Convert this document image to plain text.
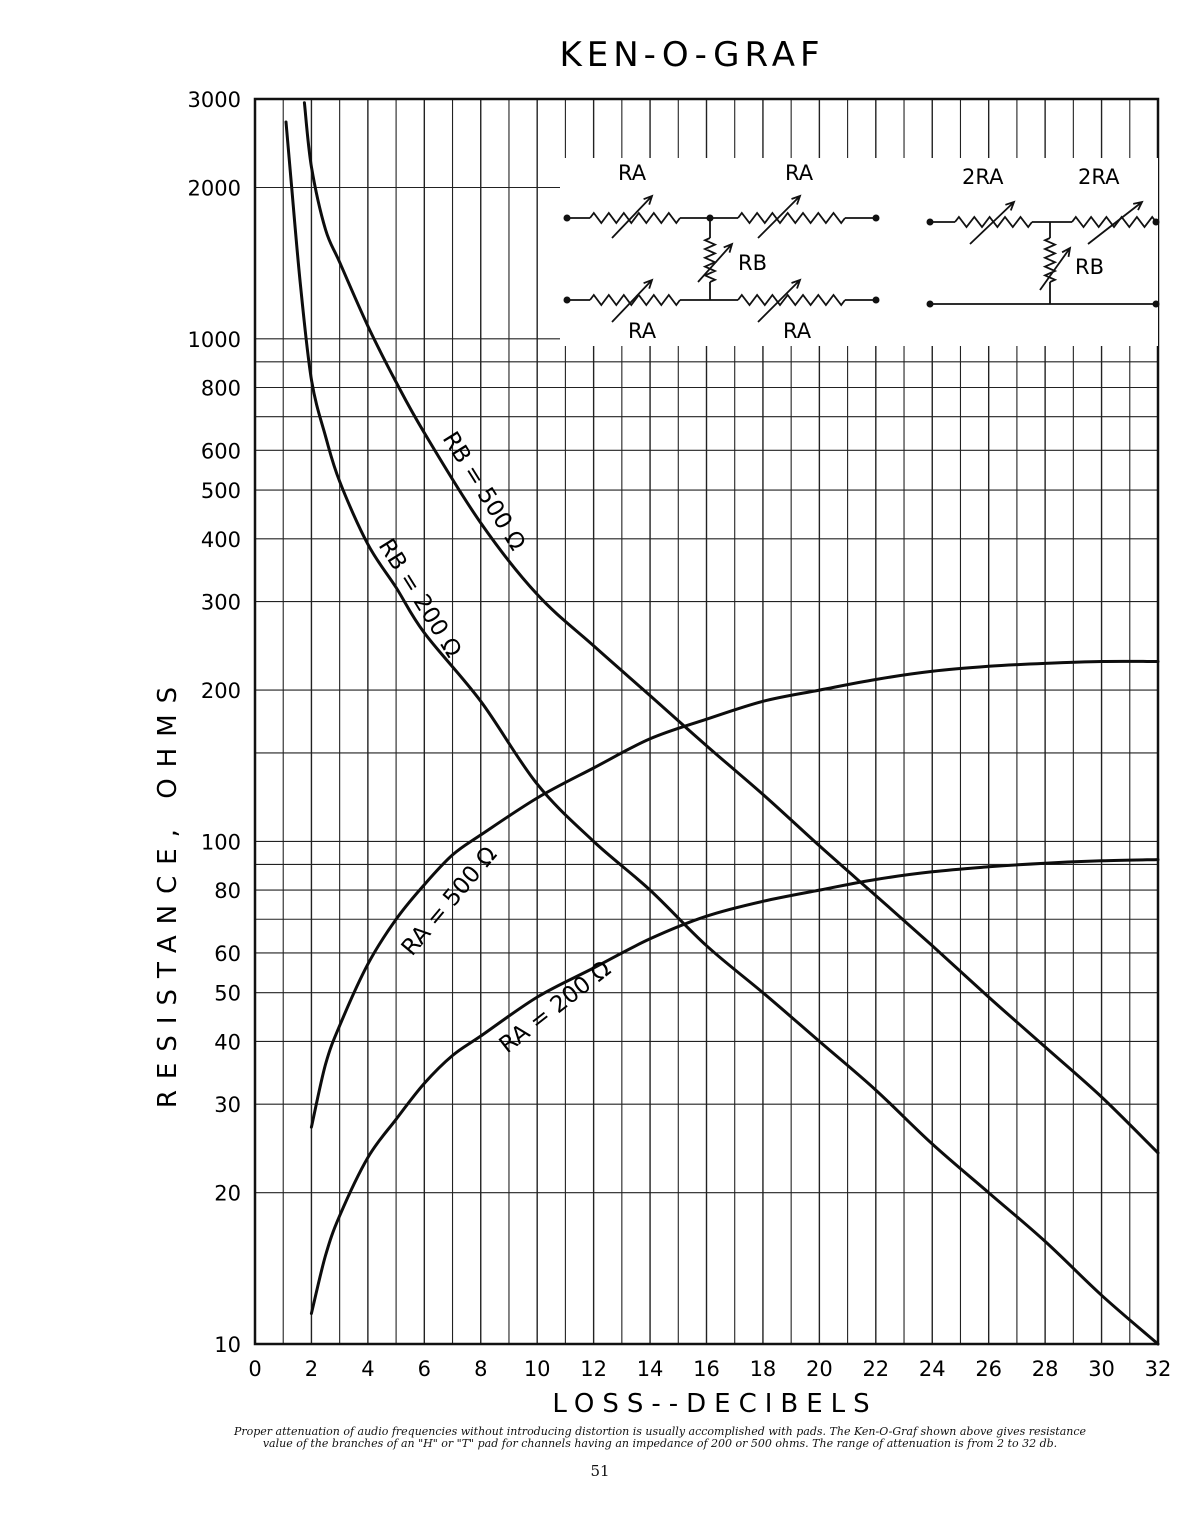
KEN-O-GRAF
3000
2000
1000
800
600
500
400
300
200
100
80
60
50
40
30
20
10
0 2 4 6 8 10 12 14 16 18 20 22 24 26 28 30 32
RESISTANCE, OHMS
LOSS--DECIBELS
RB = 500 Ω
RB = 200 Ω
RA = 500 Ω
RA = 200 Ω
RA	RA
RB
RA	RA
2RA	2RA
RB
Proper attenuation of audio frequencies without introducing distortion is usually accomplished with pads. The Ken-O-Graf shown above gives resistance
value of the branches of an "H" or "T" pad for channels having an impedance of 200 or 500 ohms. The range of attenuation is from 2 to 32 db.
51
